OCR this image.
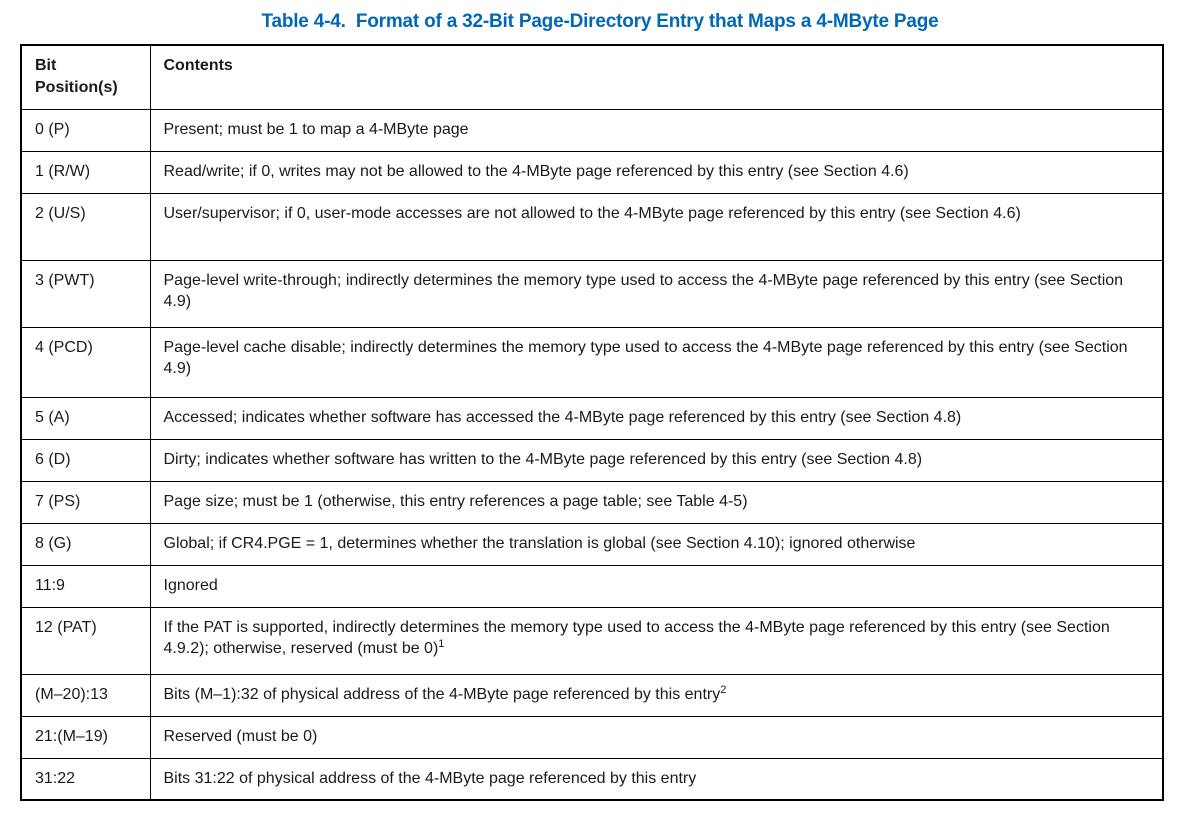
Table 4-4.  Format of a 32-Bit Page-Directory Entry that Maps a 4-MByte Page
Bit Position(s)	Contents
0 (P)	Present; must be 1 to map a 4-MByte page
1 (R/W)	Read/write; if 0, writes may not be allowed to the 4-MByte page referenced by this entry (see Section 4.6)
2 (U/S)	User/supervisor; if 0, user-mode accesses are not allowed to the 4-MByte page referenced by this entry (see Section 4.6)
3 (PWT)	Page-level write-through; indirectly determines the memory type used to access the 4-MByte page referenced by this entry (see Section 4.9)
4 (PCD)	Page-level cache disable; indirectly determines the memory type used to access the 4-MByte page referenced by this entry (see Section 4.9)
5 (A)	Accessed; indicates whether software has accessed the 4-MByte page referenced by this entry (see Section 4.8)
6 (D)	Dirty; indicates whether software has written to the 4-MByte page referenced by this entry (see Section 4.8)
7 (PS)	Page size; must be 1 (otherwise, this entry references a page table; see Table 4-5)
8 (G)	Global; if CR4.PGE = 1, determines whether the translation is global (see Section 4.10); ignored otherwise
11:9	Ignored
12 (PAT)	If the PAT is supported, indirectly determines the memory type used to access the 4-MByte page referenced by this entry (see Section 4.9.2); otherwise, reserved (must be 0)$^1$
(M–20):13	Bits (M–1):32 of physical address of the 4-MByte page referenced by this entry$^2$
21:(M–19)	Reserved (must be 0)
31:22	Bits 31:22 of physical address of the 4-MByte page referenced by this entry
